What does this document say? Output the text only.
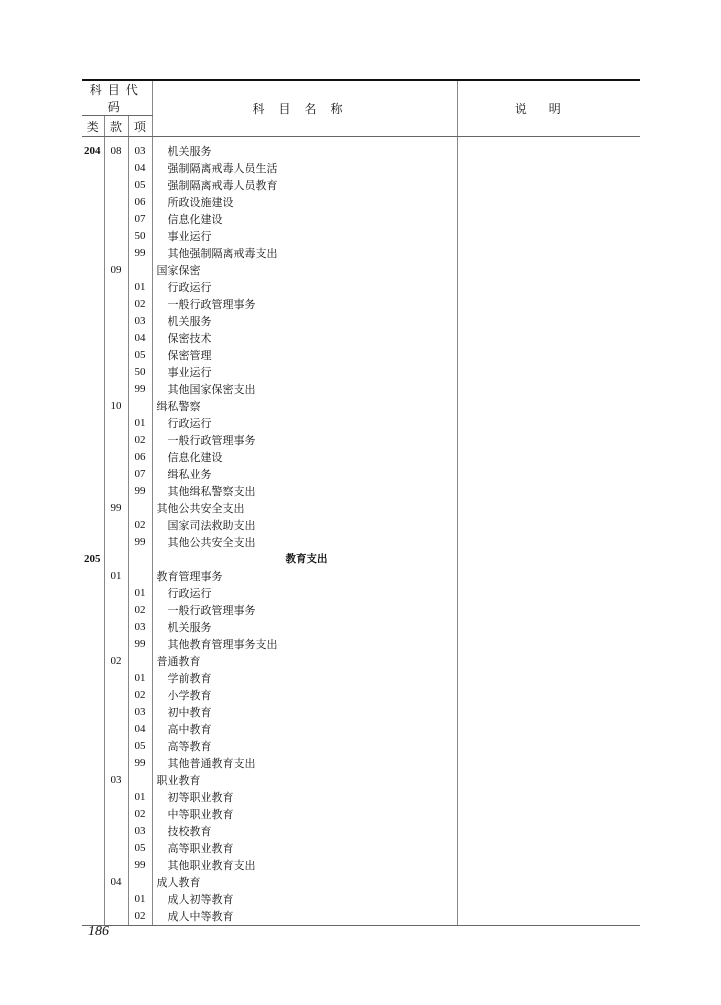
科目代码			科目名称	说明
类	款	项		
204	08	03	机关服务	
		04	强制隔离戒毒人员生活	
		05	强制隔离戒毒人员教育	
		06	所政设施建设	
		07	信息化建设	
		50	事业运行	
		99	其他强制隔离戒毒支出	
	09		国家保密	
		01	行政运行	
		02	一般行政管理事务	
		03	机关服务	
		04	保密技术	
		05	保密管理	
		50	事业运行	
		99	其他国家保密支出	
	10		缉私警察	
		01	行政运行	
		02	一般行政管理事务	
		06	信息化建设	
		07	缉私业务	
		99	其他缉私警察支出	
	99		其他公共安全支出	
		02	国家司法救助支出	
		99	其他公共安全支出	
205			教育支出	
	01		教育管理事务	
		01	行政运行	
		02	一般行政管理事务	
		03	机关服务	
		99	其他教育管理事务支出	
	02		普通教育	
		01	学前教育	
		02	小学教育	
		03	初中教育	
		04	高中教育	
		05	高等教育	
		99	其他普通教育支出	
	03		职业教育	
		01	初等职业教育	
		02	中等职业教育	
		03	技校教育	
		05	高等职业教育	
		99	其他职业教育支出	
	04		成人教育	
		01	成人初等教育	
		02	成人中等教育	
186
